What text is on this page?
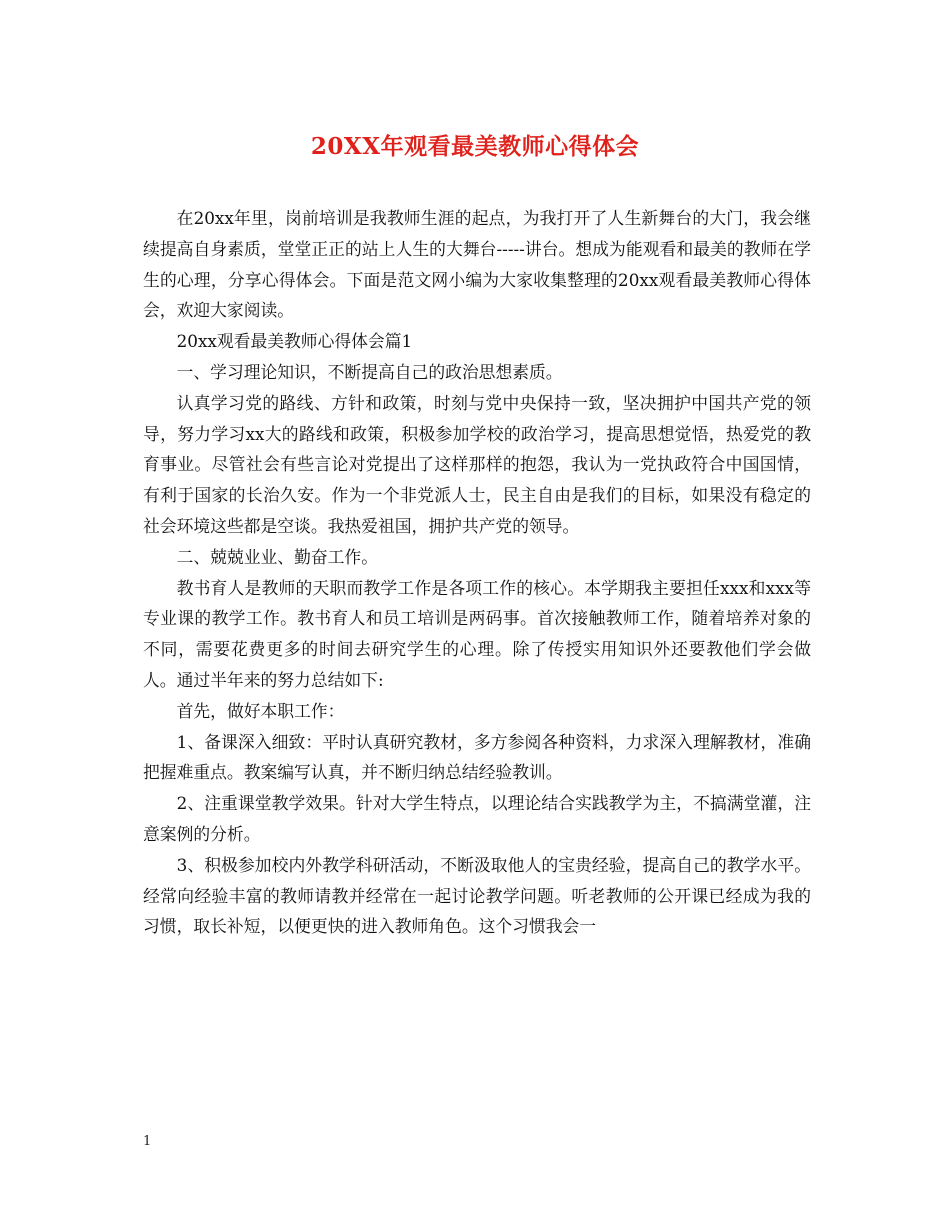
20XX年观看最美教师心得体会

在20xx年里，岗前培训是我教师生涯的起点，为我打开了人生新舞台的大门，我会继续提高自身素质，堂堂正正的站上人生的大舞台-----讲台。想成为能观看和最美的教师在学生的心理，分享心得体会。下面是范文网小编为大家收集整理的20xx观看最美教师心得体会，欢迎大家阅读。

20xx观看最美教师心得体会篇1

一、学习理论知识，不断提高自己的政治思想素质。

认真学习党的路线、方针和政策，时刻与党中央保持一致，坚决拥护中国共产党的领导，努力学习xx大的路线和政策，积极参加学校的政治学习，提高思想觉悟，热爱党的教育事业。尽管社会有些言论对党提出了这样那样的抱怨，我认为一党执政符合中国国情，有利于国家的长治久安。作为一个非党派人士，民主自由是我们的目标，如果没有稳定的社会环境这些都是空谈。我热爱祖国，拥护共产党的领导。

二、兢兢业业、勤奋工作。

教书育人是教师的天职而教学工作是各项工作的核心。本学期我主要担任xxx和xxx等专业课的教学工作。教书育人和员工培训是两码事。首次接触教师工作，随着培养对象的不同，需要花费更多的时间去研究学生的心理。除了传授实用知识外还要教他们学会做人。通过半年来的努力总结如下:

首先，做好本职工作：

1、备课深入细致：平时认真研究教材，多方参阅各种资料，力求深入理解教材，准确把握难重点。教案编写认真，并不断归纳总结经验教训。

2、注重课堂教学效果。针对大学生特点，以理论结合实践教学为主，不搞满堂灌，注意案例的分析。

3、积极参加校内外教学科研活动，不断汲取他人的宝贵经验，提高自己的教学水平。经常向经验丰富的教师请教并经常在一起讨论教学问题。听老教师的公开课已经成为我的习惯，取长补短，以便更快的进入教师角色。这个习惯我会一

1
